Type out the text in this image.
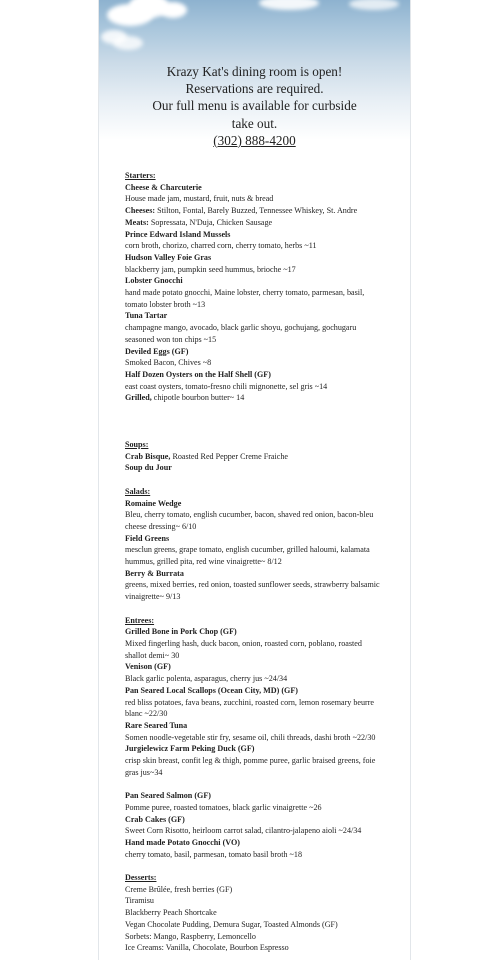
Krazy Kat's dining room is open!
Reservations are required.
Our full menu is available for curbside
take out.
(302) 888-4200
Starters:
Cheese & Charcuterie
House made jam, mustard, fruit, nuts & bread
Cheeses: Stilton, Fontal, Barely Buzzed, Tennessee Whiskey, St. Andre
Meats: Sopressata, N'Duja, Chicken Sausage
Prince Edward Island Mussels
corn broth, chorizo, charred corn, cherry tomato, herbs ~11
Hudson Valley Foie Gras
blackberry jam, pumpkin seed hummus, brioche ~17
Lobster Gnocchi
hand made potato gnocchi, Maine lobster, cherry tomato, parmesan, basil, tomato lobster broth ~13
Tuna Tartar
champagne mango, avocado, black garlic shoyu, gochujang, gochugaru seasoned won ton chips ~15
Deviled Eggs (GF)
Smoked Bacon, Chives ~8
Half Dozen Oysters on the Half Shell (GF)
east coast oysters, tomato-fresno chili mignonette, sel gris ~14
Grilled, chipotle bourbon butter~ 14
Soups:
Crab Bisque, Roasted Red Pepper Creme Fraiche
Soup du Jour
Salads:
Romaine Wedge
Bleu, cherry tomato, english cucumber, bacon, shaved red onion, bacon-bleu cheese dressing~ 6/10
Field Greens
mesclun greens, grape tomato, english cucumber, grilled haloumi, kalamata hummus, grilled pita, red wine vinaigrette~ 8/12
Berry & Burrata
greens, mixed berries, red onion, toasted sunflower seeds, strawberry balsamic vinaigrette~ 9/13
Entrees:
Grilled Bone in Pork Chop (GF)
Mixed fingerling hash, duck bacon, onion, roasted corn, poblano, roasted shallot demi~ 30
Venison (GF)
Black garlic polenta, asparagus, cherry jus ~24/34
Pan Seared Local Scallops (Ocean City, MD) (GF)
red bliss potatoes, fava beans, zucchini, roasted corn, lemon rosemary beurre blanc ~22/30
Rare Seared Tuna
Somen noodle-vegetable stir fry, sesame oil, chili threads, dashi broth ~22/30
Jurgielewicz Farm Peking Duck (GF)
crisp skin breast, confit leg & thigh, pomme puree, garlic braised greens, foie gras jus~34
Pan Seared Salmon (GF)
Pomme puree, roasted tomatoes, black garlic vinaigrette ~26
Crab Cakes (GF)
Sweet Corn Risotto, heirloom carrot salad, cilantro-jalapeno aioli ~24/34
Hand made Potato Gnocchi (VO)
cherry tomato, basil, parmesan, tomato basil broth ~18
Desserts:
Creme Brûlée, fresh berries (GF)
Tiramisu
Blackberry Peach Shortcake
Vegan Chocolate Pudding, Demura Sugar, Toasted Almonds (GF)
Sorbets: Mango, Raspberry, Lemoncello
Ice Creams: Vanilla, Chocolate, Bourbon Espresso
